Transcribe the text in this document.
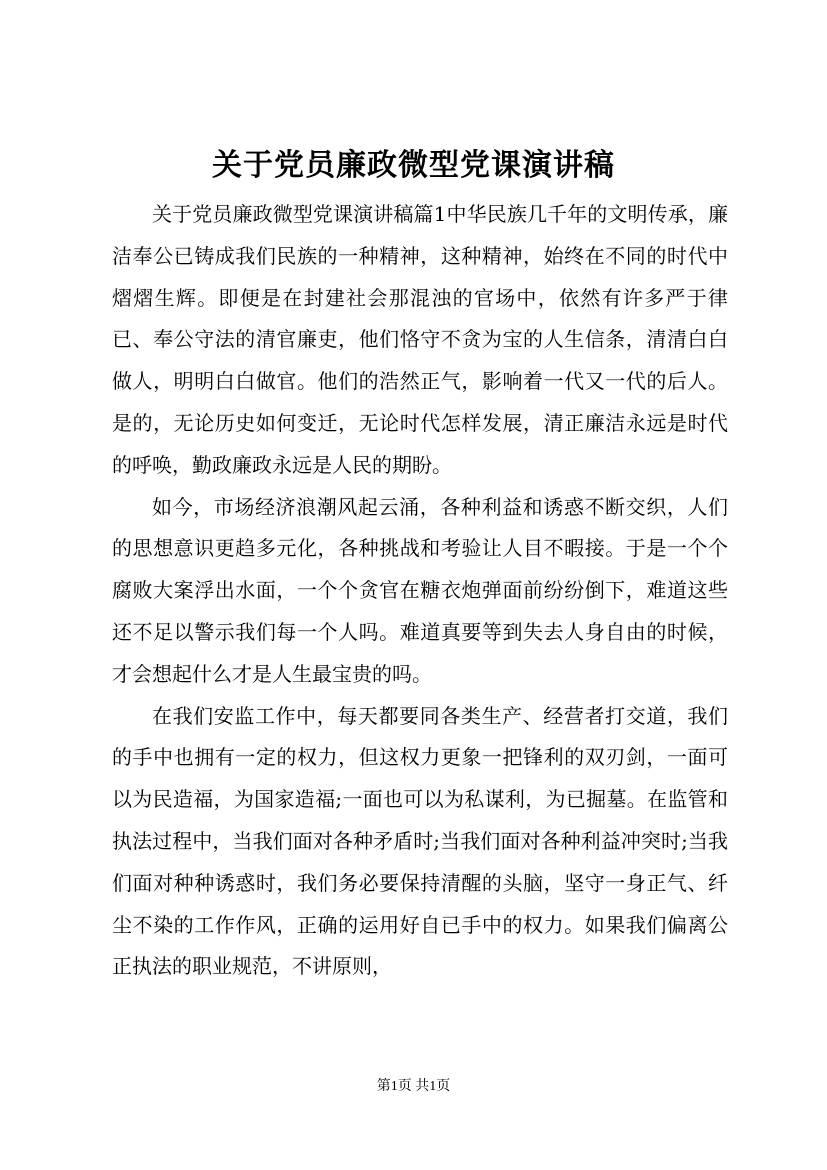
关于党员廉政微型党课演讲稿

关于党员廉政微型党课演讲稿篇1中华民族几千年的文明传承，廉洁奉公已铸成我们民族的一种精神，这种精神，始终在不同的时代中熠熠生辉。即便是在封建社会那混浊的官场中，依然有许多严于律已、奉公守法的清官廉吏，他们恪守不贪为宝的人生信条，清清白白做人，明明白白做官。他们的浩然正气，影响着一代又一代的后人。是的，无论历史如何变迁，无论时代怎样发展，清正廉洁永远是时代的呼唤，勤政廉政永远是人民的期盼。

如今，市场经济浪潮风起云涌，各种利益和诱惑不断交织，人们的思想意识更趋多元化，各种挑战和考验让人目不暇接。于是一个个腐败大案浮出水面，一个个贪官在糖衣炮弹面前纷纷倒下，难道这些还不足以警示我们每一个人吗。难道真要等到失去人身自由的时候，才会想起什么才是人生最宝贵的吗。

在我们安监工作中，每天都要同各类生产、经营者打交道，我们的手中也拥有一定的权力，但这权力更象一把锋利的双刃剑，一面可以为民造福，为国家造福;一面也可以为私谋利，为已掘墓。在监管和执法过程中，当我们面对各种矛盾时;当我们面对各种利益冲突时;当我们面对种种诱惑时，我们务必要保持清醒的头脑，坚守一身正气、纤尘不染的工作作风，正确的运用好自已手中的权力。如果我们偏离公正执法的职业规范，不讲原则，

第1页 共1页
